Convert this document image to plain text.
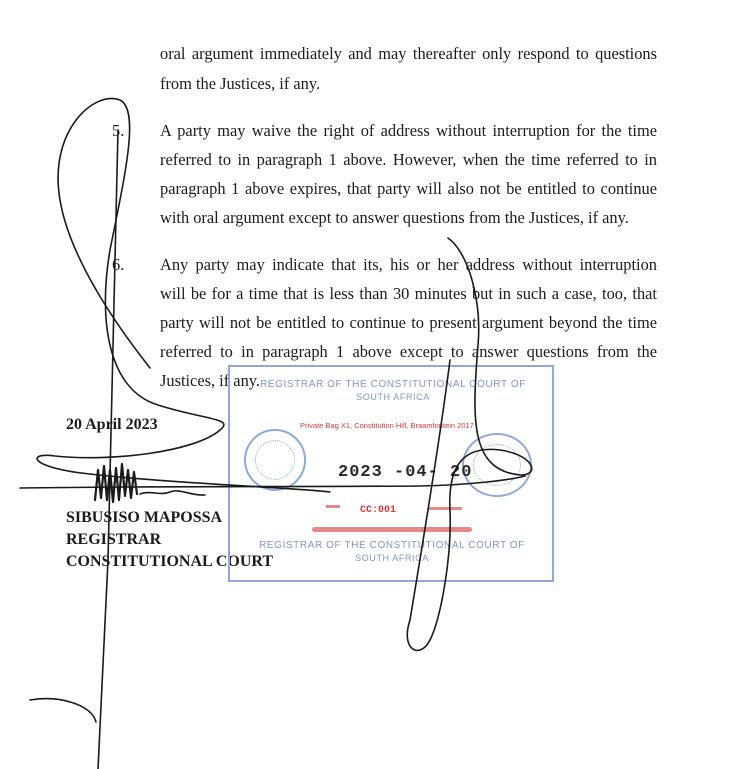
oral argument immediately and may thereafter only respond to questions
from the Justices, if any.
5. A party may waive the right of address without interruption for the time
referred to in paragraph 1 above. However, when the time referred to in
paragraph 1 above expires, that party will also not be entitled to continue
with oral argument except to answer questions from the Justices, if any.
6. Any party may indicate that its, his or her address without interruption
will be for a time that is less than 30 minutes but in such a case, too, that
party will not be entitled to continue to present argument beyond the time
referred to in paragraph 1 above except to answer questions from the
Justices, if any.
20 April 2023
SIBUSISO MAPOSSA
REGISTRAR
CONSTITUTIONAL COURT
REGISTRAR OF THE CONSTITUTIONAL COURT OF
SOUTH AFRICA
Private Bag X1, Constitution Hill, Braamfontein 2017
2023 -04- 20
CC:001
REGISTRAR OF THE CONSTITUTIONAL COURT OF
SOUTH AFRICA
